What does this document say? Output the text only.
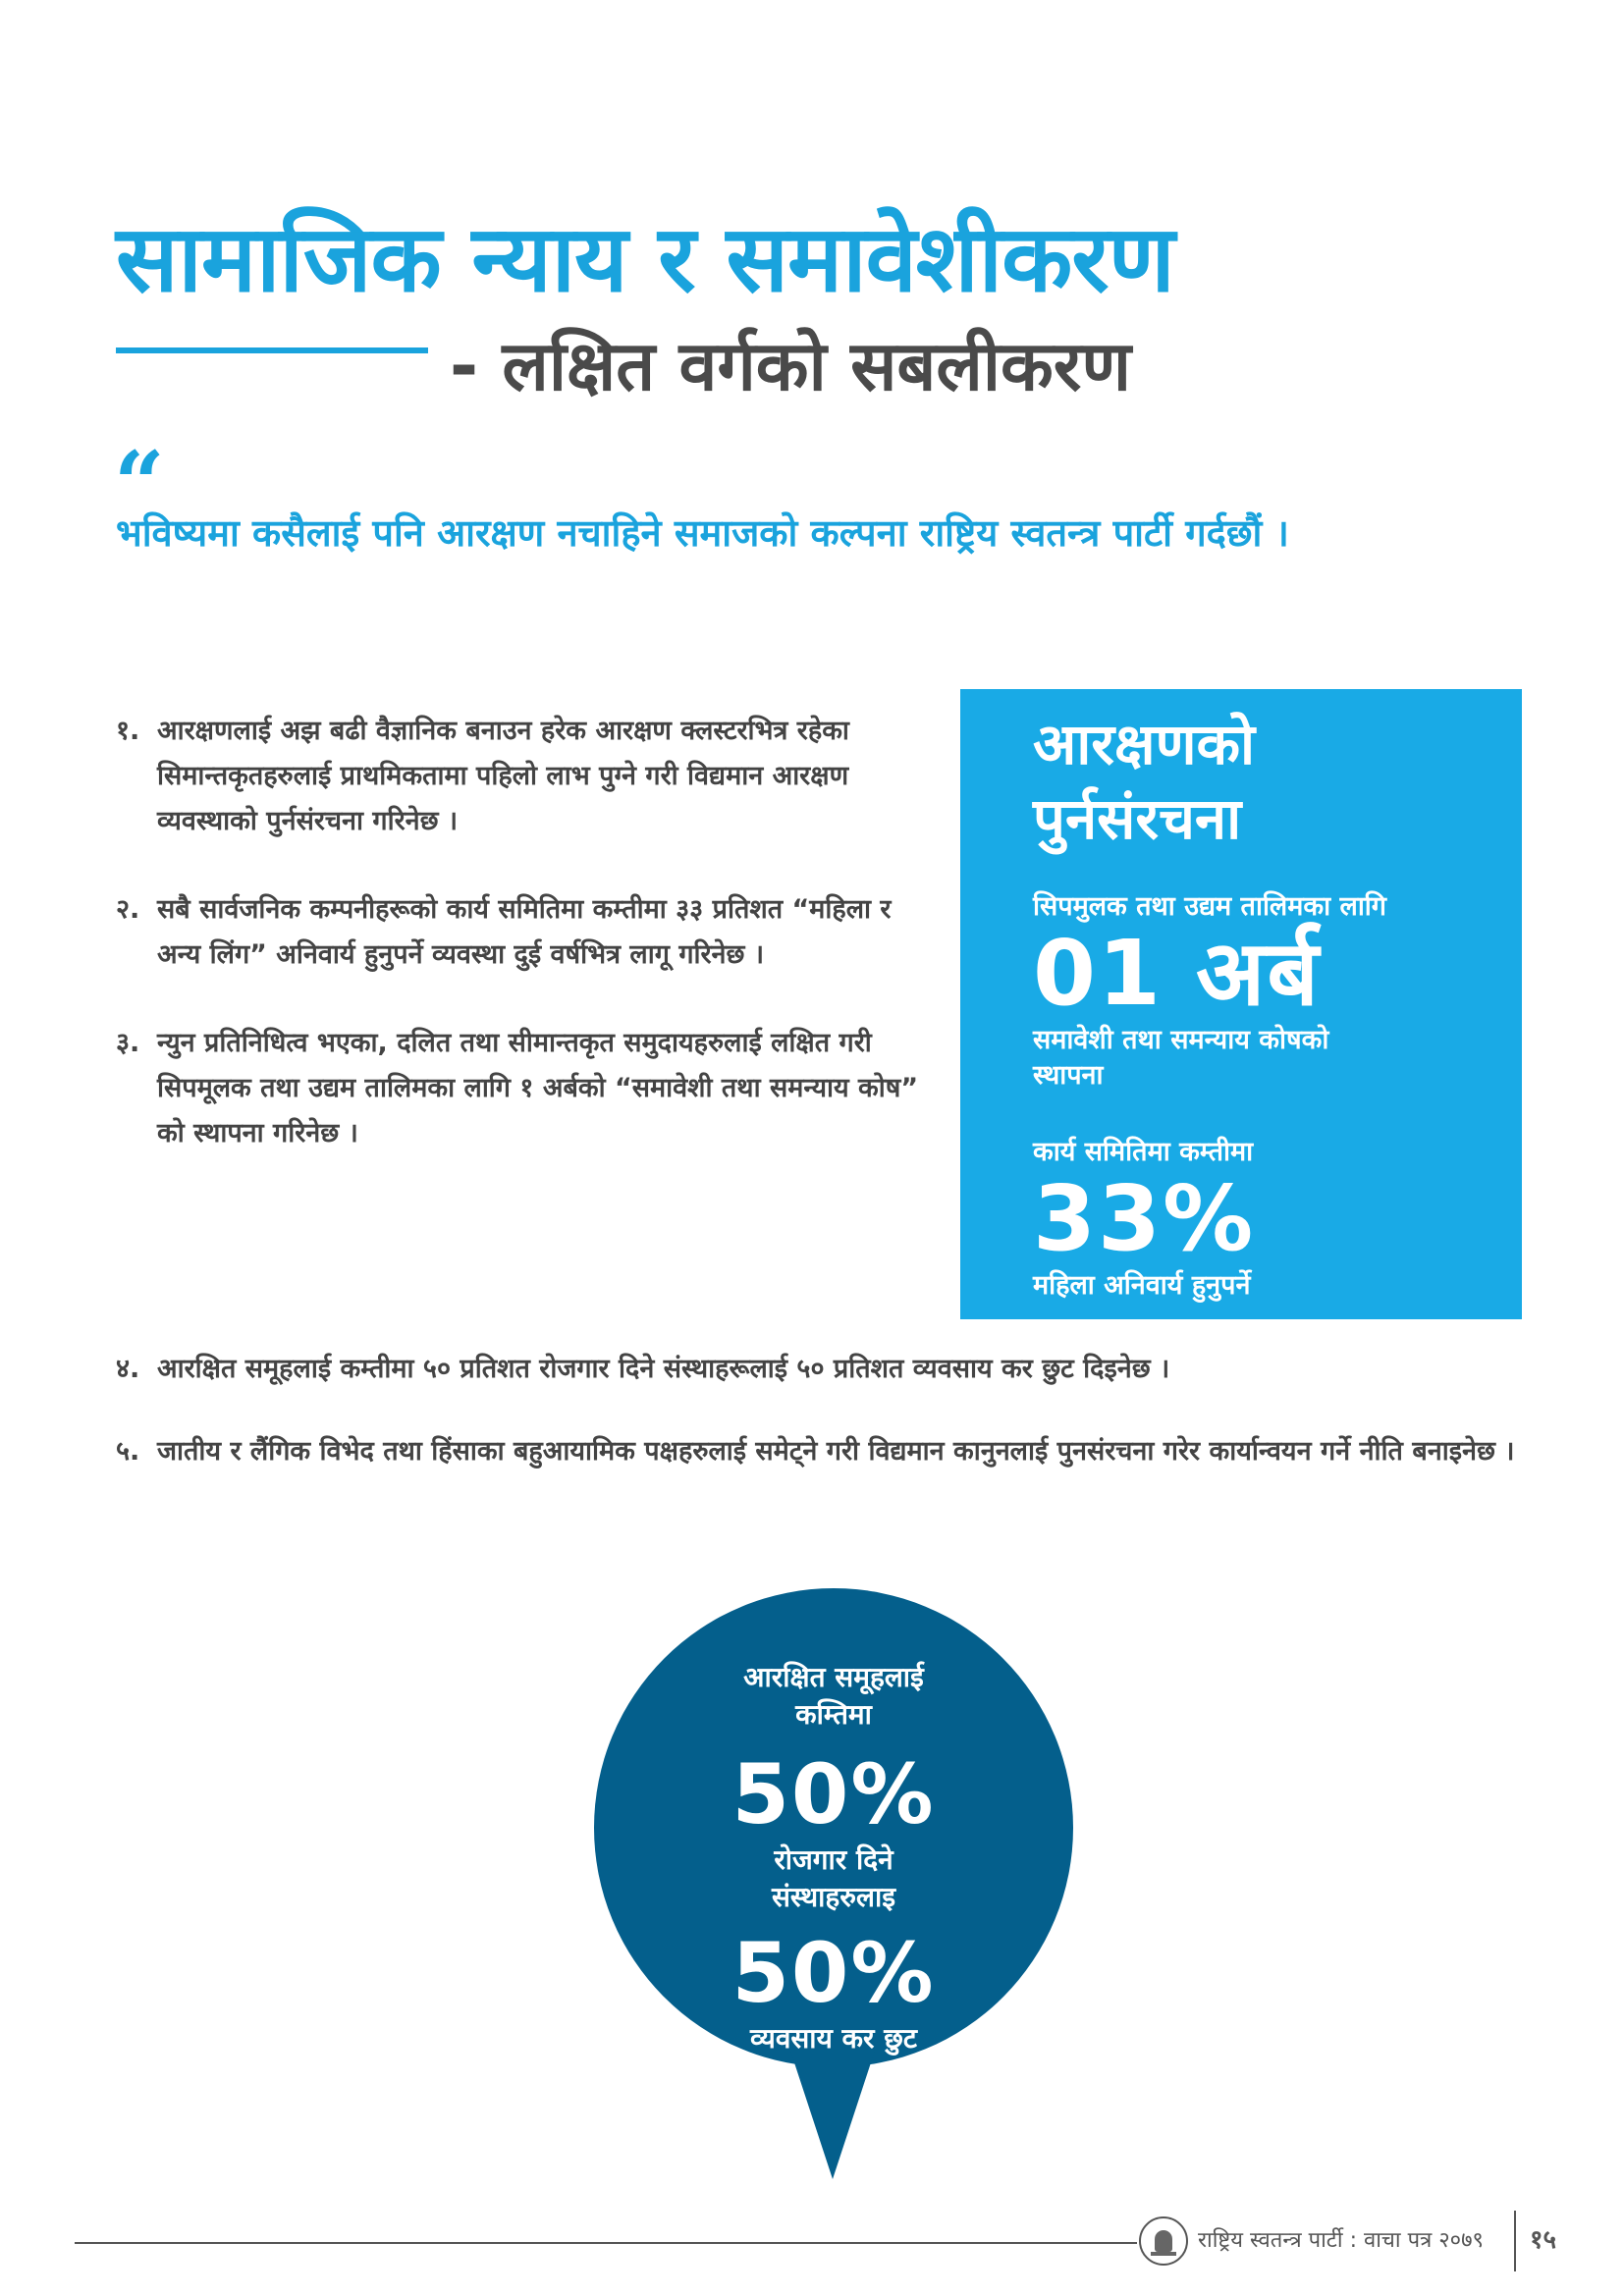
सामाजिक न्याय र समावेशीकरण
- लक्षित वर्गको सबलीकरण
“

भविष्यमा कसैलाई पनि आरक्षण नचाहिने समाजको कल्पना राष्ट्रिय स्वतन्त्र पार्टी गर्दछौं ।

१. आरक्षणलाई अझ बढी वैज्ञानिक बनाउन हरेक आरक्षण क्लस्टरभित्र रहेका सिमान्तकृतहरुलाई प्राथमिकतामा पहिलो लाभ पुग्ने गरी विद्यमान आरक्षण व्यवस्थाको पुर्नसंरचना गरिनेछ ।
२. सबै सार्वजनिक कम्पनीहरूको कार्य समितिमा कम्तीमा ३३ प्रतिशत “महिला र अन्य लिंग” अनिवार्य हुनुपर्ने व्यवस्था दुई वर्षभित्र लागू गरिनेछ ।
३. न्युन प्रतिनिधित्व भएका, दलित तथा सीमान्तकृत समुदायहरुलाई लक्षित गरी सिपमूलक तथा उद्यम तालिमका लागि १ अर्बको “समावेशी तथा समन्याय कोष” को स्थापना गरिनेछ ।

आरक्षणको
पुर्नसंरचना

सिपमुलक तथा उद्यम तालिमका लागि

01 अर्ब

समावेशी तथा समन्याय कोषको
स्थापना

कार्य समितिमा कम्तीमा

33%

महिला अनिवार्य हुनुपर्ने

४. आरक्षित समूहलाई कम्तीमा ५० प्रतिशत रोजगार दिने संस्थाहरूलाई ५० प्रतिशत व्यवसाय कर छुट दिइनेछ ।
५. जातीय र लैंगिक विभेद तथा हिंसाका बहुआयामिक पक्षहरुलाई समेट्ने गरी विद्यमान कानुनलाई पुनसंरचना गरेर कार्यान्वयन गर्ने नीति बनाइनेछ ।

आरक्षित समूहलाई

कम्तिमा

50%

रोजगार दिने

संस्थाहरुलाइ

50%

व्यवसाय कर छुट

राष्ट्रिय स्वतन्त्र पार्टी : वाचा पत्र २०७९ १५
